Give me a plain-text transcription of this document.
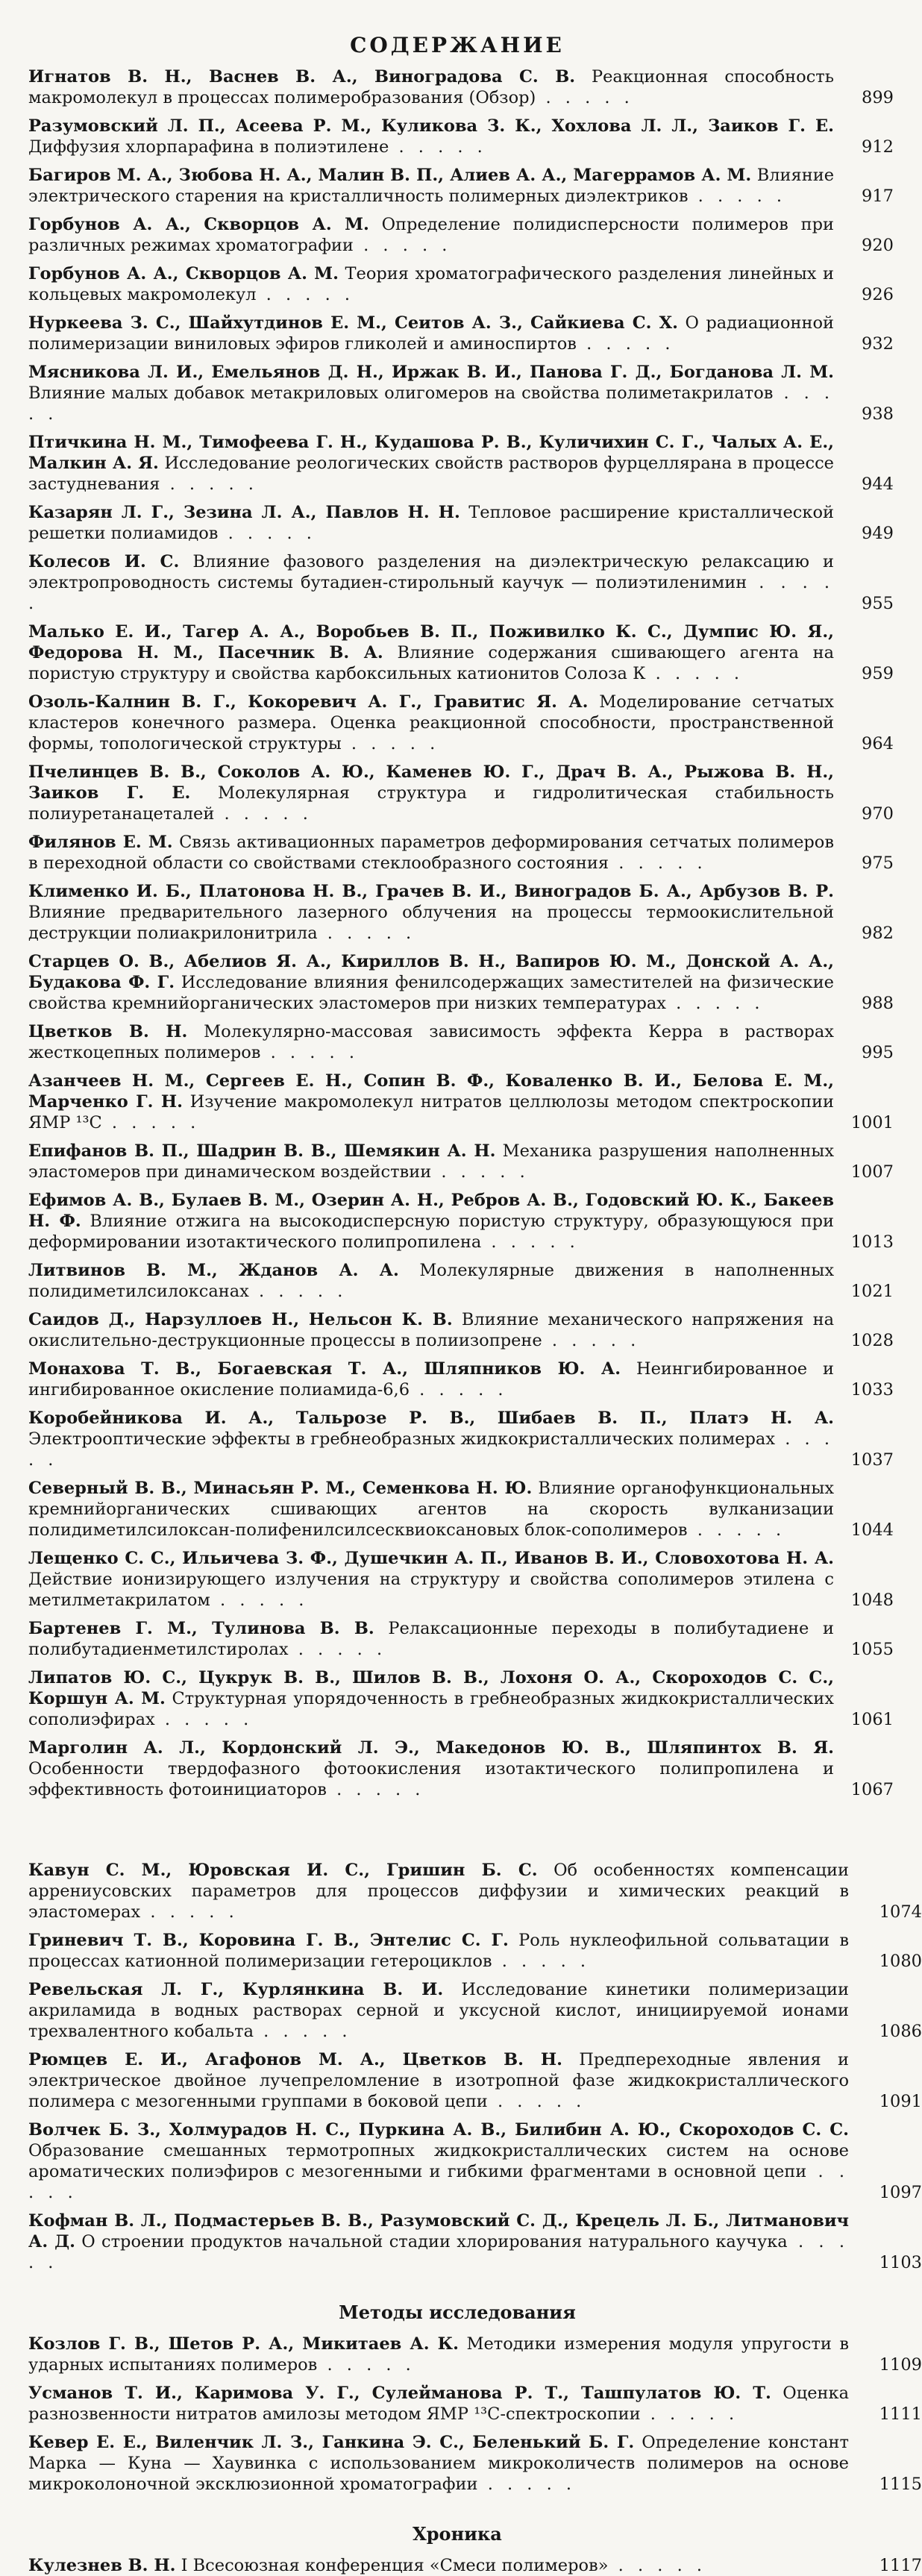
СОДЕРЖАНИЕ
Игнатов В. Н., Васнев В. А., Виноградова С. В. Реакционная способность макромолекул в процессах полимеробразования (Обзор) . . . . .	899
Разумовский Л. П., Асеева Р. М., Куликова З. К., Хохлова Л. Л., Заиков Г. Е. Диффузия хлорпарафина в полиэтилене . . . . .	912
Багиров М. А., Зюбова Н. А., Малин В. П., Алиев А. А., Магеррамов А. М. Влияние электрического старения на кристалличность полимерных диэлектриков . . . . .	917
Горбунов А. А., Скворцов А. М. Определение полидисперсности полимеров при различных режимах хроматографии . . . . .	920
Горбунов А. А., Скворцов А. М. Теория хроматографического разделения линейных и кольцевых макромолекул . . . . .	926
Нуркеева З. С., Шайхутдинов Е. М., Сеитов А. З., Сайкиева С. Х. О радиационной полимеризации виниловых эфиров гликолей и аминоспиртов . . . . .	932
Мясникова Л. И., Емельянов Д. Н., Иржак В. И., Панова Г. Д., Богданова Л. М. Влияние малых добавок метакриловых олигомеров на свойства полиметакрилатов . . . . .	938
Птичкина Н. М., Тимофеева Г. Н., Кудашова Р. В., Куличихин С. Г., Чалых А. Е., Малкин А. Я. Исследование реологических свойств растворов фурцеллярана в процессе застудневания . . . . .	944
Казарян Л. Г., Зезина Л. А., Павлов Н. Н. Тепловое расширение кристаллической решетки полиамидов . . . . .	949
Колесов И. С. Влияние фазового разделения на диэлектрическую релаксацию и электропроводность системы бутадиен-стирольный каучук — полиэтиленимин . . . . .	955
Малько Е. И., Тагер А. А., Воробьев В. П., Поживилко К. С., Думпис Ю. Я., Федорова Н. М., Пасечник В. А. Влияние содержания сшивающего агента на пористую структуру и свойства карбоксильных катионитов Солоза К . . . . .	959
Озоль-Калнин В. Г., Кокоревич А. Г., Гравитис Я. А. Моделирование сетчатых кластеров конечного размера. Оценка реакционной способности, пространственной формы, топологической структуры . . . . .	964
Пчелинцев В. В., Соколов А. Ю., Каменев Ю. Г., Драч В. А., Рыжова В. Н., Заиков Г. Е. Молекулярная структура и гидролитическая стабильность полиуретанацеталей . . . . .	970
Филянов Е. М. Связь активационных параметров деформирования сетчатых полимеров в переходной области со свойствами стеклообразного состояния . . . . .	975
Клименко И. Б., Платонова Н. В., Грачев В. И., Виноградов Б. А., Арбузов В. Р. Влияние предварительного лазерного облучения на процессы термоокислительной деструкции полиакрилонитрила . . . . .	982
Старцев О. В., Абелиов Я. А., Кириллов В. Н., Вапиров Ю. М., Донской А. А., Будакова Ф. Г. Исследование влияния фенилсодержащих заместителей на физические свойства кремнийорганических эластомеров при низких температурах . . . . .	988
Цветков В. Н. Молекулярно-массовая зависимость эффекта Керра в растворах жесткоцепных полимеров . . . . .	995
Азанчеев Н. М., Сергеев Е. Н., Сопин В. Ф., Коваленко В. И., Белова Е. М., Марченко Г. Н. Изучение макромолекул нитратов целлюлозы методом спектроскопии ЯМР ¹³С . . . . .	1001
Епифанов В. П., Шадрин В. В., Шемякин А. Н. Механика разрушения наполненных эластомеров при динамическом воздействии . . . . .	1007
Ефимов А. В., Булаев В. М., Озерин А. Н., Ребров А. В., Годовский Ю. К., Бакеев Н. Ф. Влияние отжига на высокодисперсную пористую структуру, образующуюся при деформировании изотактического полипропилена . . . . .	1013
Литвинов В. М., Жданов А. А. Молекулярные движения в наполненных полидиметилсилоксанах . . . . .	1021
Саидов Д., Нарзуллоев Н., Нельсон К. В. Влияние механического напряжения на окислительно-деструкционные процессы в полиизопрене . . . . .	1028
Монахова Т. В., Богаевская Т. А., Шляпников Ю. А. Неингибированное и ингибированное окисление полиамида-6,6 . . . . .	1033
Коробейникова И. А., Тальрозе Р. В., Шибаев В. П., Платэ Н. А. Электрооптические эффекты в гребнеобразных жидкокристаллических полимерах . . . . .	1037
Северный В. В., Минасьян Р. М., Семенкова Н. Ю. Влияние органофункциональных кремнийорганических сшивающих агентов на скорость вулканизации полидиметилсилоксан-полифенилсилсесквиоксановых блок-сополимеров . . . . .	1044
Лещенко С. С., Ильичева З. Ф., Душечкин А. П., Иванов В. И., Словохотова Н. А. Действие ионизирующего излучения на структуру и свойства сополимеров этилена с метилметакрилатом . . . . .	1048
Бартенев Г. М., Тулинова В. В. Релаксационные переходы в полибутадиене и полибутадиенметилстиролах . . . . .	1055
Липатов Ю. С., Цукрук В. В., Шилов В. В., Лохоня О. А., Скороходов С. С., Коршун А. М. Структурная упорядоченность в гребнеобразных жидкокристаллических сополиэфирах . . . . .	1061
Марголин А. Л., Кордонский Л. Э., Македонов Ю. В., Шляпинтох В. Я. Особенности твердофазного фотоокисления изотактического полипропилена и эффективность фотоинициаторов . . . . .	1067
Кавун С. М., Юровская И. С., Гришин Б. С. Об особенностях компенсации аррениусовских параметров для процессов диффузии и химических реакций в эластомерах . . . . .	1074
Гриневич Т. В., Коровина Г. В., Энтелис С. Г. Роль нуклеофильной сольватации в процессах катионной полимеризации гетероциклов . . . . .	1080
Ревельская Л. Г., Курлянкина В. И. Исследование кинетики полимеризации акриламида в водных растворах серной и уксусной кислот, инициируемой ионами трехвалентного кобальта . . . . .	1086
Рюмцев Е. И., Агафонов М. А., Цветков В. Н. Предпереходные явления и электрическое двойное лучепреломление в изотропной фазе жидкокристаллического полимера с мезогенными группами в боковой цепи . . . . .	1091
Волчек Б. З., Холмурадов Н. С., Пуркина А. В., Билибин А. Ю., Скороходов С. С. Образование смешанных термотропных жидкокристаллических систем на основе ароматических полиэфиров с мезогенными и гибкими фрагментами в основной цепи . . . . .	1097
Кофман В. Л., Подмастерьев В. В., Разумовский С. Д., Крецель Л. Б., Литманович А. Д. О строении продуктов начальной стадии хлорирования натурального каучука . . . . .	1103
Методы исследования
Козлов Г. В., Шетов Р. А., Микитаев А. К. Методики измерения модуля упругости в ударных испытаниях полимеров . . . . .	1109
Усманов Т. И., Каримова У. Г., Сулейманова Р. Т., Ташпулатов Ю. Т. Оценка разнозвенности нитратов амилозы методом ЯМР ¹³С-спектроскопии . . . . .	1111
Кевер Е. Е., Виленчик Л. З., Ганкина Э. С., Беленький Б. Г. Определение констант Марка — Куна — Хаувинка с использованием микроколичеств полимеров на основе микроколоночной эксклюзионной хроматографии . . . . .	1115
Хроника
Кулезнев В. Н. I Всесоюзная конференция «Смеси полимеров» . . . . .	1117
